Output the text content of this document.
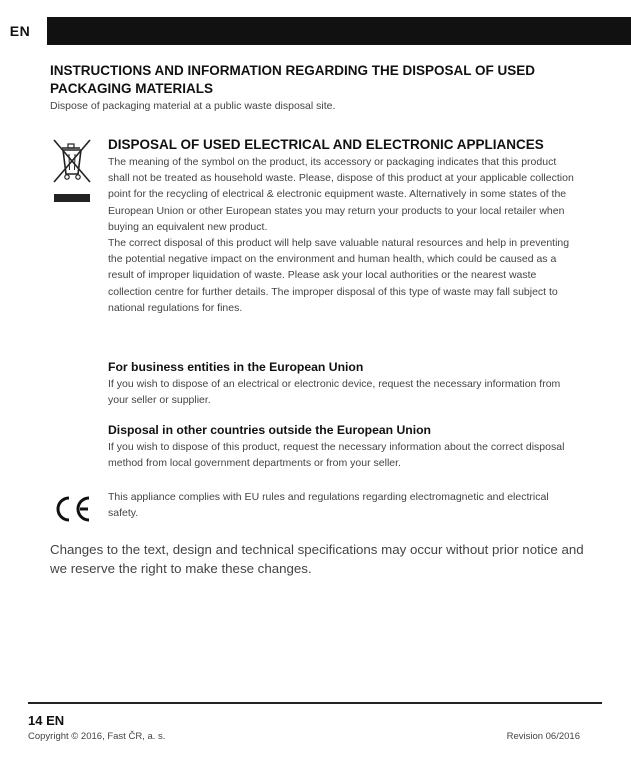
EN
INSTRUCTIONS AND INFORMATION REGARDING THE DISPOSAL OF USED PACKAGING MATERIALS

Dispose of packaging material at a public waste disposal site.

DISPOSAL OF USED ELECTRICAL AND ELECTRONIC APPLIANCES

The meaning of the symbol on the product, its accessory or packaging indicates that this product shall not be treated as household waste. Please, dispose of this product at your applicable collection point for the recycling of electrical & electronic equipment waste. Alternatively in some states of the European Union or other European states you may return your products to your local retailer when buying an equivalent new product.

The correct disposal of this product will help save valuable natural resources and help in preventing the potential negative impact on the environment and human health, which could be caused as a result of improper liquidation of waste. Please ask your local authorities or the nearest waste collection centre for further details. The improper disposal of this type of waste may fall subject to national regulations for fines.

For business entities in the European Union

If you wish to dispose of an electrical or electronic device, request the necessary information from your seller or supplier.

Disposal in other countries outside the European Union

If you wish to dispose of this product, request the necessary information about the correct disposal method from local government departments or from your seller.

This appliance complies with EU rules and regulations regarding electromagnetic and electrical safety.

Changes to the text, design and technical specifications may occur without prior notice and we reserve the right to make these changes.

14 EN
Copyright © 2016, Fast ČR, a. s.	Revision 06/2016
